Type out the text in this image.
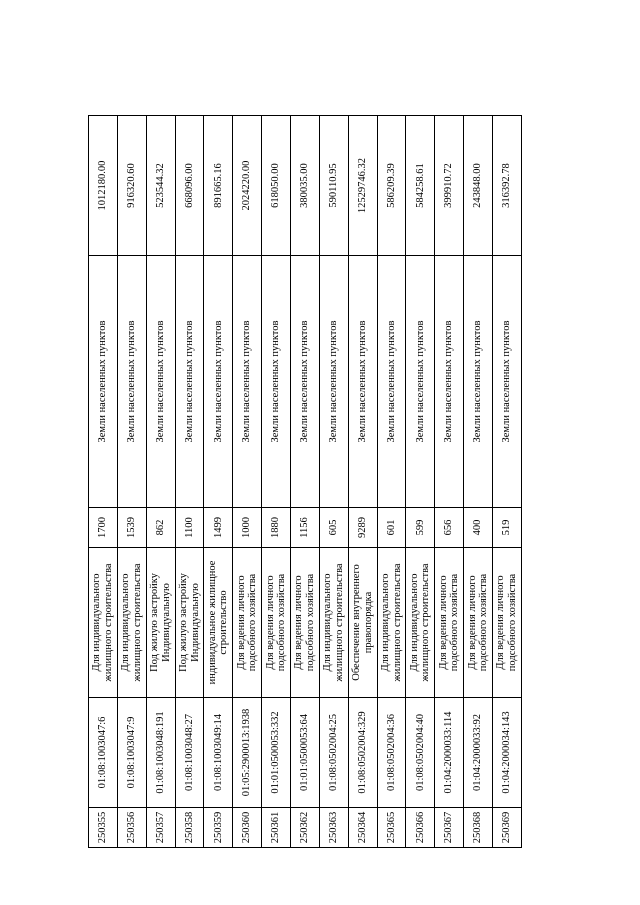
250355	01:08:1003047:6	Для индивидуального жилищного строительства	1700	Земли населенных пунктов	1012180.00
250356	01:08:1003047:9	Для индивидуального жилищного строительства	1539	Земли населенных пунктов	916320.60
250357	01:08:1003048:191	Под жилую застройку Индивидуальную	862	Земли населенных пунктов	523544.32
250358	01:08:1003048:27	Под жилую застройку Индивидуальную	1100	Земли населенных пунктов	668096.00
250359	01:08:1003049:14	индивидуальное жилищное строительство	1499	Земли населенных пунктов	891665.16
250360	01:05:2900013:1938	Для ведения личного подсобного хозяйства	1000	Земли населенных пунктов	2024220.00
250361	01:01:0500053:332	Для ведения личного подсобного хозяйства	1880	Земли населенных пунктов	618050.00
250362	01:01:0500053:64	Для ведения личного подсобного хозяйства	1156	Земли населенных пунктов	380035.00
250363	01:08:0502004:25	Для индивидуального жилищного строительства	605	Земли населенных пунктов	590110.95
250364	01:08:0502004:329	Обеспечение внутреннего правопорядка	9289	Земли населенных пунктов	12529746.32
250365	01:08:0502004:36	Для индивидуального жилищного строительства	601	Земли населенных пунктов	586209.39
250366	01:08:0502004:40	Для индивидуального жилищного строительства	599	Земли населенных пунктов	584258.61
250367	01:04:2000033:114	Для ведения личного подсобного хозяйства	656	Земли населенных пунктов	399910.72
250368	01:04:2000033:92	Для ведения личного подсобного хозяйства	400	Земли населенных пунктов	243848.00
250369	01:04:2000034:143	Для ведения личного подсобного хозяйства	519	Земли населенных пунктов	316392.78
